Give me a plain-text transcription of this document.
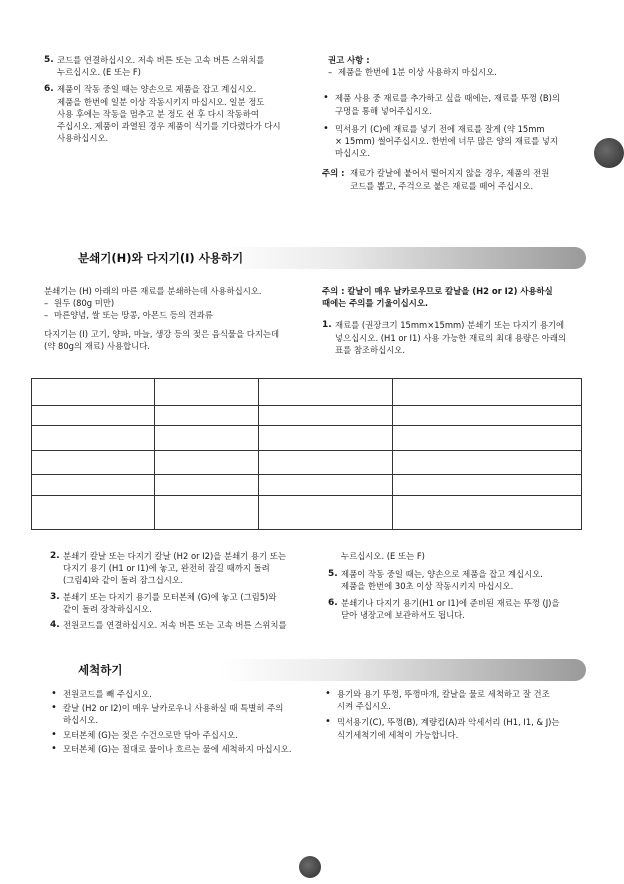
5. 코드를 연결하십시오. 저속 버튼 또는 고속 버튼 스위치를

누르십시오. (E 또는 F)

6. 제품이 작동 중일 때는 양손으로 제품을 잡고 계십시오.

제품을 한번에 일분 이상 작동시키지 마십시오. 일분 정도

사용 후에는 작동을 멈추고 분 정도 쉰 후 다시 작동하여

주십시오. 제품이 과열된 경우 제품이 식기를 기다렸다가 다시

사용하십시오.

권고 사항 :

– 제품을 한번에 1분 이상 사용하지 마십시오.

• 제품 사용 중 재료를 추가하고 싶을 때에는, 재료를 뚜껑 (B)의

구멍을 통해 넣어주십시오.

• 믹서용기 (C)에 재료를 넣기 전에 재료를 잘게 (약 15mm

× 15mm) 썰어주십시오. 한번에 너무 많은 양의 재료를 넣지

마십시오.

주의 : 재료가 칼날에 붙어서 떨어지지 않을 경우, 제품의 전원

코드를 뽑고, 주걱으로 붙은 재료를 떼어 주십시오.

분쇄기(H)와 다지기(I) 사용하기

분쇄기는 (H) 아래의 마른 재료를 분쇄하는데 사용하십시오.

– 원두 (80g 미만)

– 마른양념, 쌀 또는 땅콩, 아몬드 등의 견과류

다지기는 (I) 고기, 양파, 마늘, 생강 등의 젖은 음식물을 다지는데

(약 80g의 재료) 사용합니다.

주의 : 칼날이 매우 날카로우므로 칼날을 (H2 or I2) 사용하실

때에는 주의를 기울이십시오.

1. 재료를 (권장크기 15mm×15mm) 분쇄기 또는 다지기 용기에

넣으십시오. (H1 or I1) 사용 가능한 재료의 최대 용량은 아래의

표를 참조하십시오.

2. 분쇄기 칼날 또는 다지기 칼날 (H2 or I2)을 분쇄기 용기 또는

다지기 용기 (H1 or I1)에 놓고, 완전히 잠길 때까지 돌려

(그림4)와 같이 돌려 잠그십시오.

3. 분쇄기 또는 다지기 용기를 모터본체 (G)에 놓고 (그림5)와

같이 돌려 장착하십시오.

4. 전원코드를 연결하십시오. 저속 버튼 또는 고속 버튼 스위치를

누르십시오. (E 또는 F)

5. 제품이 작동 중일 때는, 양손으로 제품을 잡고 계십시오.

제품을 한번에 30초 이상 작동시키지 마십시오.

6. 분쇄기나 다지기 용기(H1 or I1)에 준비된 재료는 뚜껑 (J)을

닫아 냉장고에 보관하셔도 됩니다.

세척하기

• 전원코드를 빼 주십시오.

• 칼날 (H2 or I2)이 매우 날카로우니 사용하실 때 특별히 주의

하십시오.

• 모터본체 (G)는 젖은 수건으로만 닦아 주십시오.

• 모터본체 (G)는 절대로 물이나 흐르는 물에 세척하지 마십시오.

• 용기와 용기 뚜껑, 뚜껑마개, 칼날을 물로 세척하고 잘 건조

시켜 주십시오.

• 믹서용기(C), 뚜껑(B), 계량컵(A)과 악세서리 (H1, I1, & J)는

식기세척기에 세척이 가능합니다.
